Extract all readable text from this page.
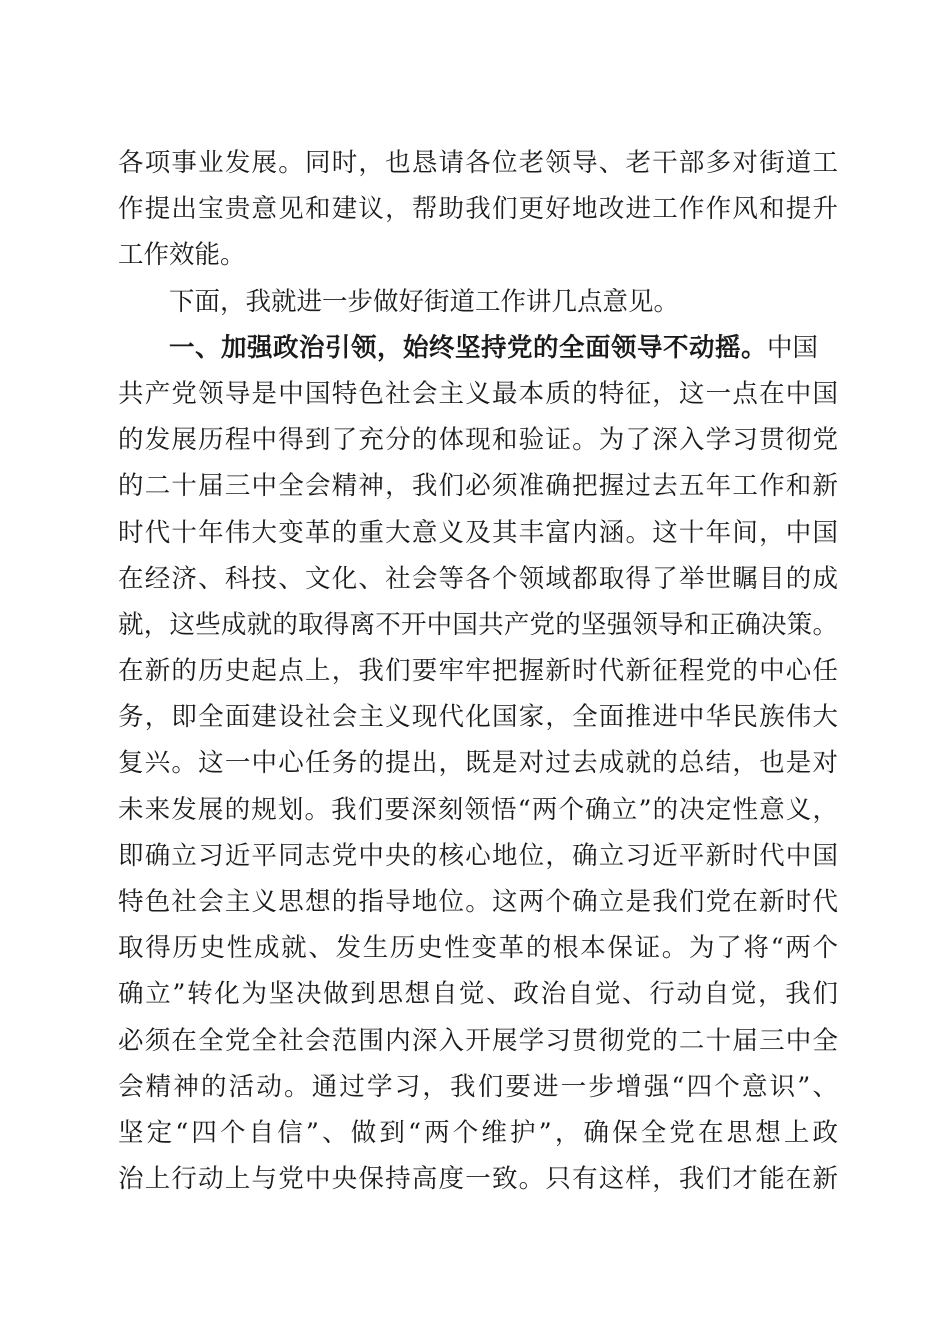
各项事业发展。同时，也恳请各位老领导、老干部多对街道工
作提出宝贵意见和建议，帮助我们更好地改进工作作风和提升
工作效能。
下面，我就进一步做好街道工作讲几点意见。
一、加强政治引领，始终坚持党的全面领导不动摇。中国
共产党领导是中国特色社会主义最本质的特征，这一点在中国
的发展历程中得到了充分的体现和验证。为了深入学习贯彻党
的二十届三中全会精神，我们必须准确把握过去五年工作和新
时代十年伟大变革的重大意义及其丰富内涵。这十年间，中国
在经济、科技、文化、社会等各个领域都取得了举世瞩目的成
就，这些成就的取得离不开中国共产党的坚强领导和正确决策。
在新的历史起点上，我们要牢牢把握新时代新征程党的中心任
务，即全面建设社会主义现代化国家，全面推进中华民族伟大
复兴。这一中心任务的提出，既是对过去成就的总结，也是对
未来发展的规划。我们要深刻领悟“两个确立”的决定性意义，
即确立习近平同志党中央的核心地位，确立习近平新时代中国
特色社会主义思想的指导地位。这两个确立是我们党在新时代
取得历史性成就、发生历史性变革的根本保证。为了将“两个
确立”转化为坚决做到思想自觉、政治自觉、行动自觉，我们
必须在全党全社会范围内深入开展学习贯彻党的二十届三中全
会精神的活动。通过学习，我们要进一步增强“四个意识”、
坚定“四个自信”、做到“两个维护”，确保全党在思想上政
治上行动上与党中央保持高度一致。只有这样，我们才能在新
